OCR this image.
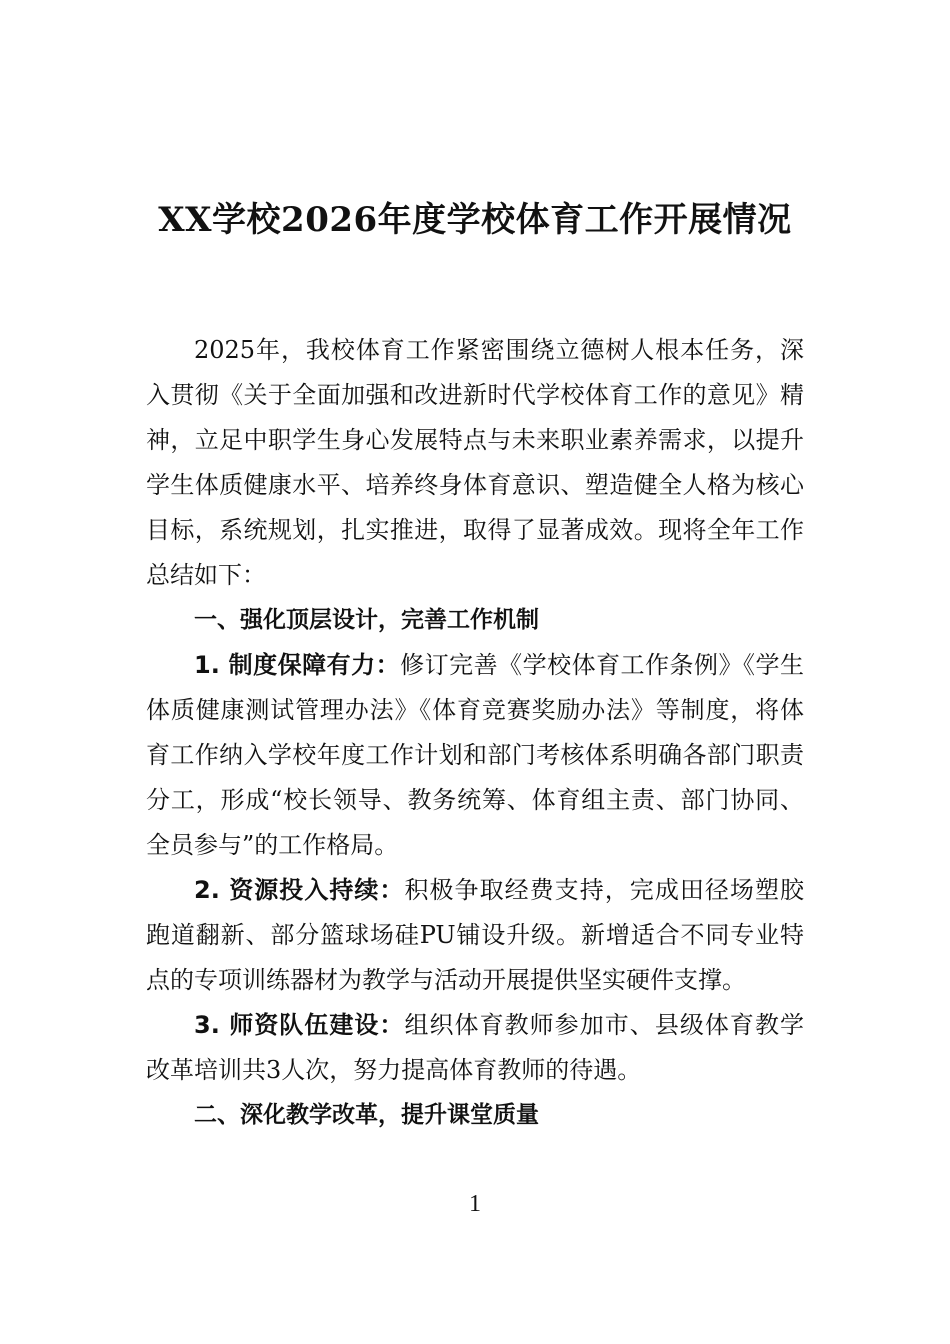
XX学校2026年度学校体育工作开展情况

2025年，我校体育工作紧密围绕立德树人根本任务，深入贯彻《关于全面加强和改进新时代学校体育工作的意见》精神，立足中职学生身心发展特点与未来职业素养需求，以提升学生体质健康水平、培养终身体育意识、塑造健全人格为核心目标，系统规划，扎实推进，取得了显著成效。现将全年工作总结如下：

一、强化顶层设计，完善工作机制

1. 制度保障有力：修订完善《学校体育工作条例》《学生体质健康测试管理办法》《体育竞赛奖励办法》等制度，将体育工作纳入学校年度工作计划和部门考核体系明确各部门职责分工，形成“校长领导、教务统筹、体育组主责、部门协同、全员参与”的工作格局。

2. 资源投入持续：积极争取经费支持，完成田径场塑胶跑道翻新、部分篮球场硅PU铺设升级。新增适合不同专业特点的专项训练器材为教学与活动开展提供坚实硬件支撑。

3. 师资队伍建设：组织体育教师参加市、县级体育教学改革培训共3人次，努力提高体育教师的待遇。

二、深化教学改革，提升课堂质量

1
